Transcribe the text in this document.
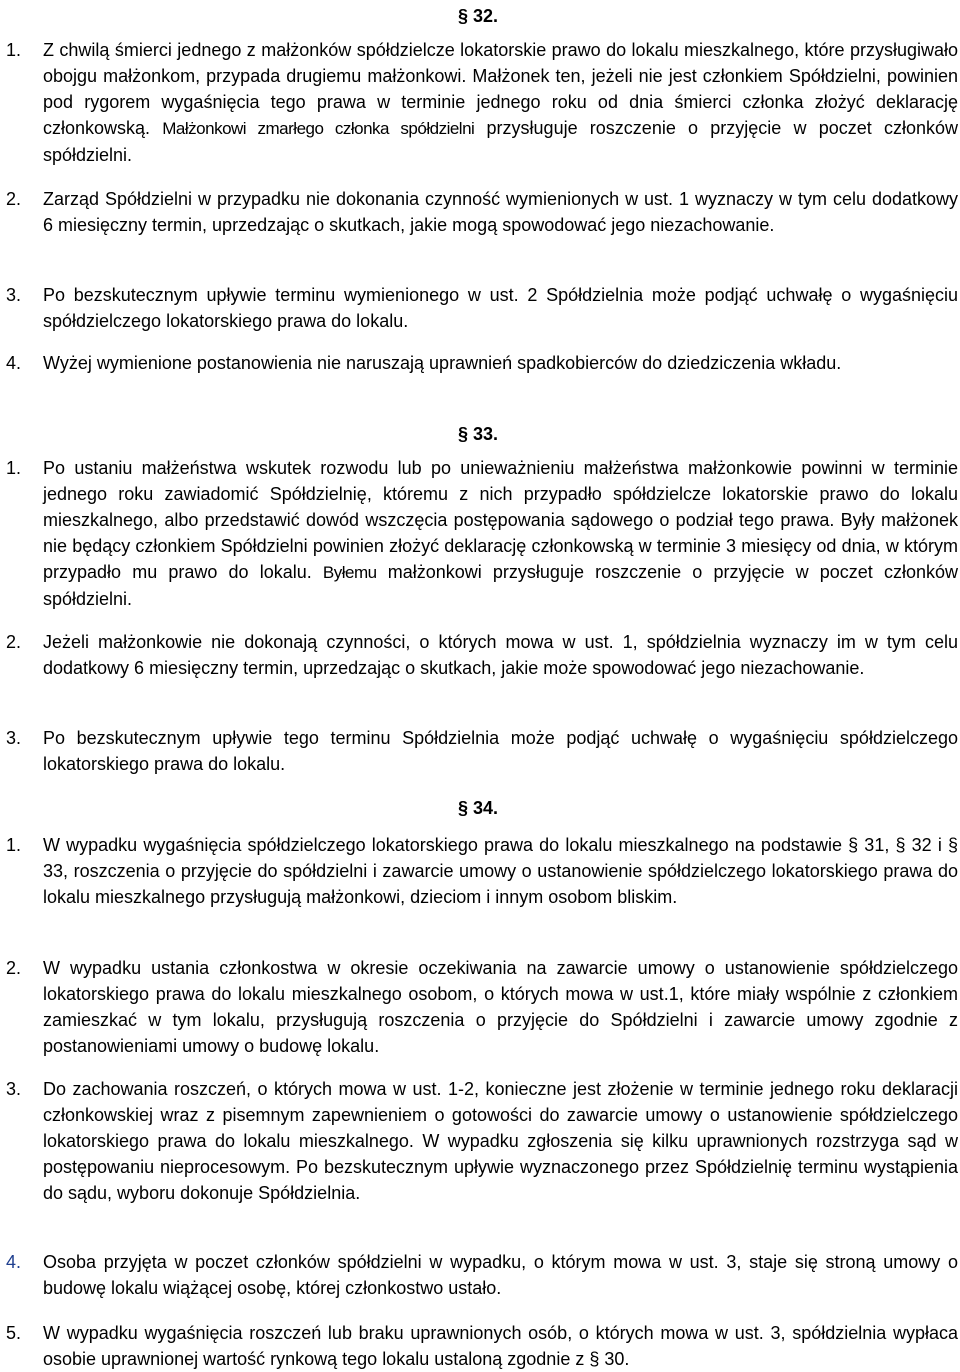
§ 32.
1. Z chwilą śmierci jednego z małżonków spółdzielcze lokatorskie prawo do lokalu mieszkalnego, które przysługiwało obojgu małżonkom, przypada drugiemu małżonkowi. Małżonek ten, jeżeli nie jest członkiem Spółdzielni, powinien pod rygorem wygaśnięcia tego prawa w terminie jednego roku od dnia śmierci członka złożyć deklarację członkowską. Małżonkowi zmarłego członka spółdzielni przysługuje roszczenie o przyjęcie w poczet członków spółdzielni.
2. Zarząd Spółdzielni w przypadku nie dokonania czynność wymienionych w ust. 1 wyznaczy w tym celu dodatkowy 6 miesięczny termin, uprzedzając o skutkach, jakie mogą spowodować jego niezachowanie.
3. Po bezskutecznym upływie terminu wymienionego w ust. 2 Spółdzielnia może podjąć uchwałę o wygaśnięciu spółdzielczego lokatorskiego prawa do lokalu.
4. Wyżej wymienione postanowienia nie naruszają uprawnień spadkobierców do dziedziczenia wkładu.
§ 33.
1. Po ustaniu małżeństwa wskutek rozwodu lub po unieważnieniu małżeństwa małżonkowie powinni w terminie jednego roku zawiadomić Spółdzielnię, któremu z nich przypadło spółdzielcze lokatorskie prawo do lokalu mieszkalnego, albo przedstawić dowód wszczęcia postępowania sądowego o podział tego prawa. Były małżonek nie będący członkiem Spółdzielni powinien złożyć deklarację członkowską w terminie 3 miesięcy od dnia, w którym przypadło mu prawo do lokalu. Byłemu małżonkowi przysługuje roszczenie o przyjęcie w poczet członków spółdzielni.
2. Jeżeli małżonkowie nie dokonają czynności, o których mowa w ust. 1, spółdzielnia wyznaczy im w tym celu dodatkowy 6 miesięczny termin, uprzedzając o skutkach, jakie może spowodować jego niezachowanie.
3. Po bezskutecznym upływie tego terminu Spółdzielnia może podjąć uchwałę o wygaśnięciu spółdzielczego lokatorskiego prawa do lokalu.
§ 34.
1. W wypadku wygaśnięcia spółdzielczego lokatorskiego prawa do lokalu mieszkalnego na podstawie § 31, § 32 i § 33, roszczenia o przyjęcie do spółdzielni i zawarcie umowy o ustanowienie spółdzielczego lokatorskiego prawa do lokalu mieszkalnego przysługują małżonkowi, dzieciom i innym osobom bliskim.
2. W wypadku ustania członkostwa w okresie oczekiwania na zawarcie umowy o ustanowienie spółdzielczego lokatorskiego prawa do lokalu mieszkalnego osobom, o których mowa w ust.1, które miały wspólnie z członkiem zamieszkać w tym lokalu, przysługują roszczenia o przyjęcie do Spółdzielni i zawarcie umowy zgodnie z postanowieniami umowy o budowę lokalu.
3. Do zachowania roszczeń, o których mowa w ust. 1-2, konieczne jest złożenie w terminie jednego roku deklaracji członkowskiej wraz z pisemnym zapewnieniem o gotowości do zawarcie umowy o ustanowienie spółdzielczego lokatorskiego prawa do lokalu mieszkalnego. W wypadku zgłoszenia się kilku uprawnionych rozstrzyga sąd w postępowaniu nieprocesowym. Po bezskutecznym upływie wyznaczonego przez Spółdzielnię terminu wystąpienia do sądu, wyboru dokonuje Spółdzielnia.
4. Osoba przyjęta w poczet członków spółdzielni w wypadku, o którym mowa w ust. 3, staje się stroną umowy o budowę lokalu wiążącej osobę, której członkostwo ustało.
5. W wypadku wygaśnięcia roszczeń lub braku uprawnionych osób, o których mowa w ust. 3, spółdzielnia wypłaca osobie uprawnionej wartość rynkową tego lokalu ustaloną zgodnie z § 30.
